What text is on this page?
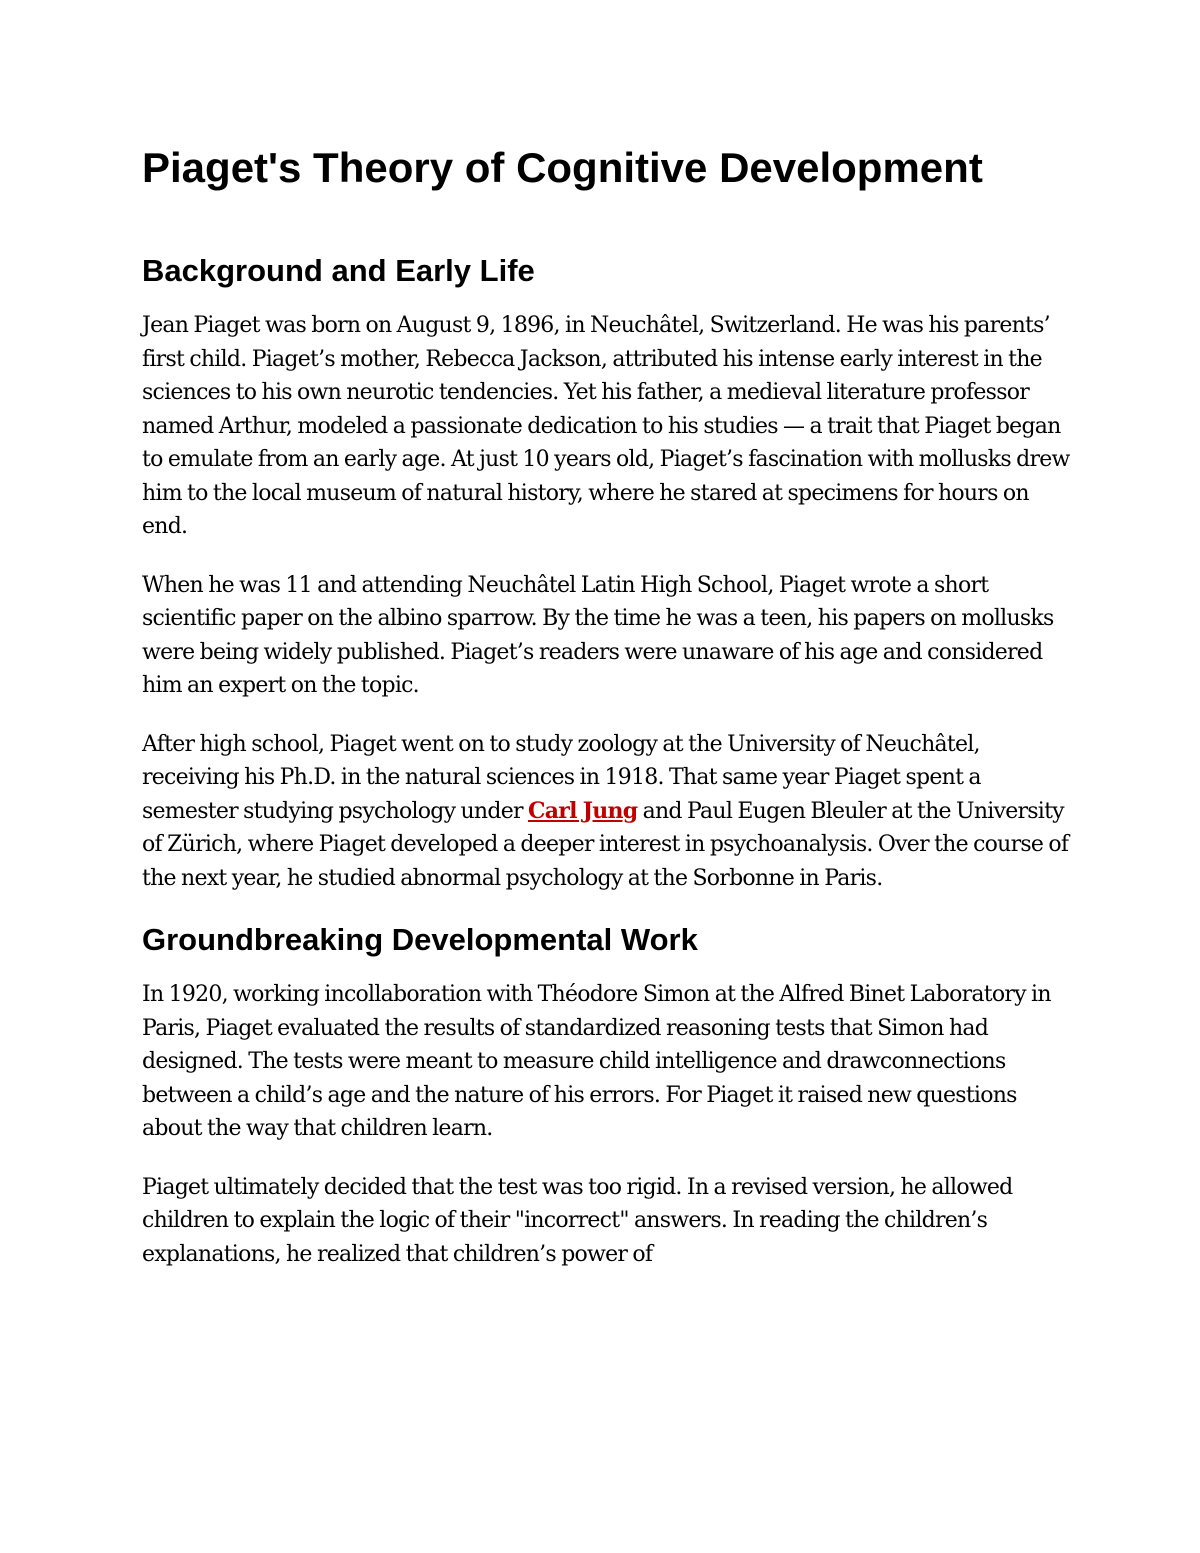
Piaget's Theory of Cognitive Development
Background and Early Life

Jean Piaget was born on August 9, 1896, in Neuchâtel, Switzerland. He was his parents’ first child. Piaget’s mother, Rebecca Jackson, attributed his intense early interest in the sciences to his own neurotic tendencies. Yet his father, a medieval literature professor named Arthur, modeled a passionate dedication to his studies — a trait that Piaget began to emulate from an early age. At just 10 years old, Piaget’s fascination with mollusks drew him to the local museum of natural history, where he stared at specimens for hours on end.

When he was 11 and attending Neuchâtel Latin High School, Piaget wrote a short scientific paper on the albino sparrow. By the time he was a teen, his papers on mollusks were being widely published. Piaget’s readers were unaware of his age and considered him an expert on the topic.

After high school, Piaget went on to study zoology at the University of Neuchâtel, receiving his Ph.D. in the natural sciences in 1918. That same year Piaget spent a semester studying psychology under Carl Jung and Paul Eugen Bleuler at the University of Zürich, where Piaget developed a deeper interest in psychoanalysis. Over the course of the next year, he studied abnormal psychology at the Sorbonne in Paris.

Groundbreaking Developmental Work

In 1920, working incollaboration with Théodore Simon at the Alfred Binet Laboratory in Paris, Piaget evaluated the results of standardized reasoning tests that Simon had designed. The tests were meant to measure child intelligence and drawconnections between a child’s age and the nature of his errors. For Piaget it raised new questions about the way that children learn.

Piaget ultimately decided that the test was too rigid. In a revised version, he allowed children to explain the logic of their "incorrect" answers. In reading the children’s explanations, he realized that children’s power of
